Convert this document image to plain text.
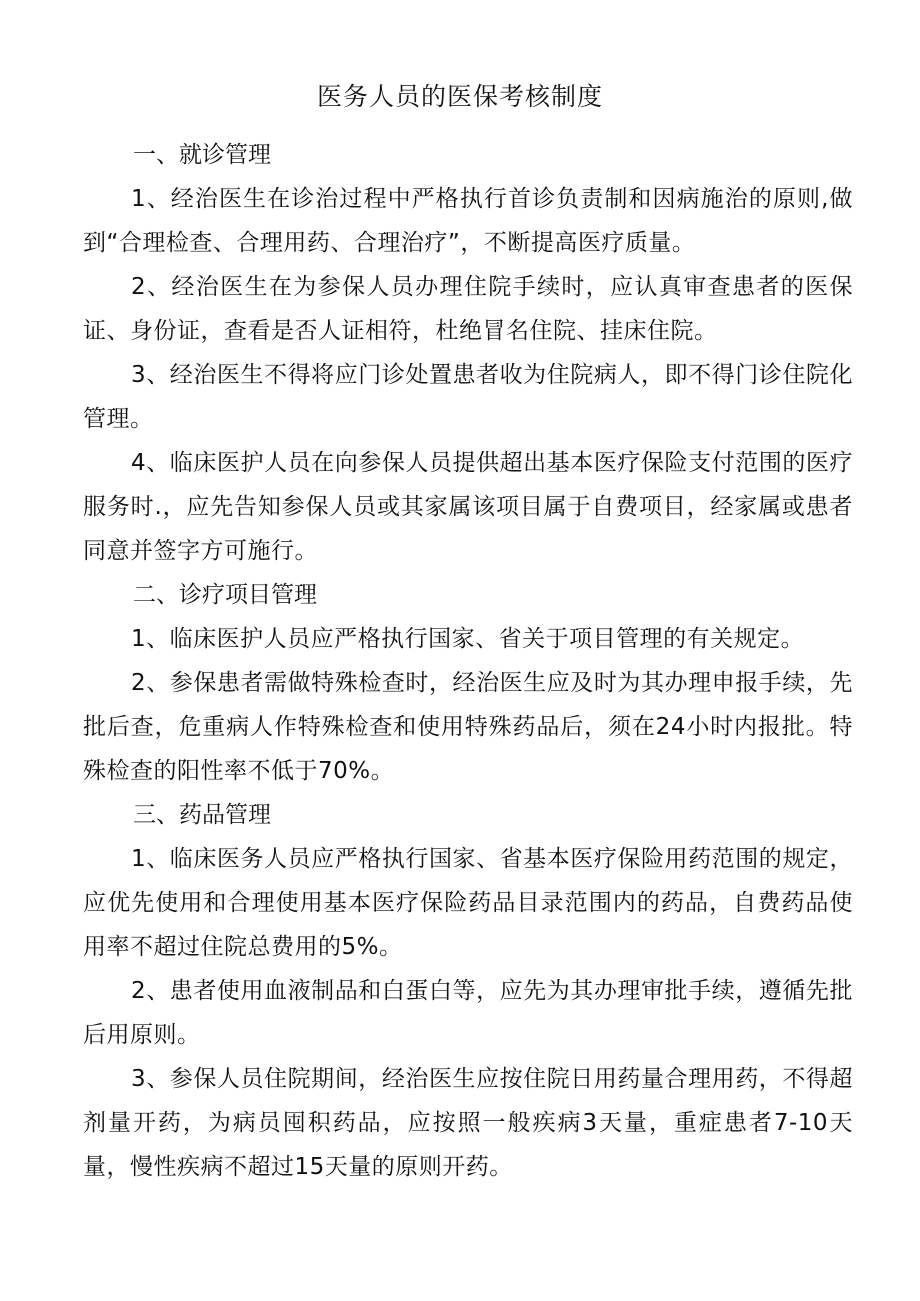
医务人员的医保考核制度
一、就诊管理

1、经治医生在诊治过程中严格执行首诊负责制和因病施治的原则,做到“合理检查、合理用药、合理治疗”，不断提高医疗质量。

2、经治医生在为参保人员办理住院手续时，应认真审查患者的医保证、身份证，查看是否人证相符，杜绝冒名住院、挂床住院。

3、经治医生不得将应门诊处置患者收为住院病人，即不得门诊住院化管理。

4、临床医护人员在向参保人员提供超出基本医疗保险支付范围的医疗服务时.，应先告知参保人员或其家属该项目属于自费项目，经家属或患者同意并签字方可施行。

二、诊疗项目管理

1、临床医护人员应严格执行国家、省关于项目管理的有关规定。

2、参保患者需做特殊检查时，经治医生应及时为其办理申报手续，先批后查，危重病人作特殊检查和使用特殊药品后，须在24小时内报批。特殊检查的阳性率不低于70%。

三、药品管理

1、临床医务人员应严格执行国家、省基本医疗保险用药范围的规定，应优先使用和合理使用基本医疗保险药品目录范围内的药品，自费药品使用率不超过住院总费用的5%。

2、患者使用血液制品和白蛋白等，应先为其办理审批手续，遵循先批后用原则。

3、参保人员住院期间，经治医生应按住院日用药量合理用药，不得超剂量开药，为病员囤积药品，应按照一般疾病3天量，重症患者7-10天量，慢性疾病不超过15天量的原则开药。
